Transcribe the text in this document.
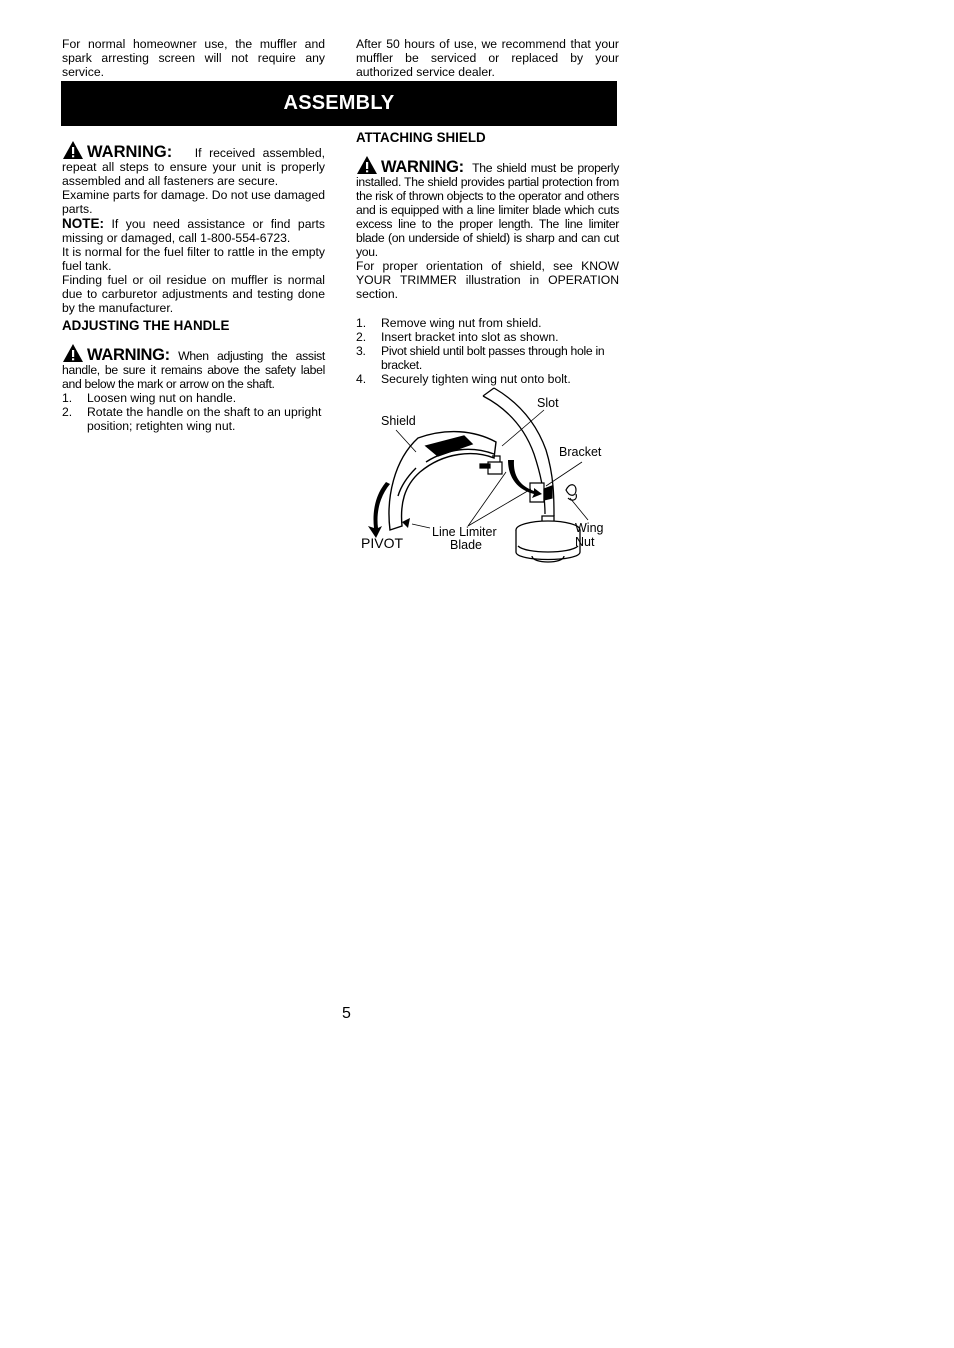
For normal homeowner use, the muffler and spark arresting screen will not require any service.
After 50 hours of use, we recommend that your muffler be serviced or replaced by your authorized service dealer.
ASSEMBLY

WARNING: If received assembled, repeat all steps to ensure your unit is properly assembled and all fasteners are secure.

Examine parts for damage. Do not use damaged parts.

NOTE: If you need assistance or find parts missing or damaged, call 1-800-554-6723.

It is normal for the fuel filter to rattle in the empty fuel tank.

Finding fuel or oil residue on muffler is normal due to carburetor adjustments and testing done by the manufacturer.

ADJUSTING THE HANDLE

WARNING: When adjusting the assist handle, be sure it remains above the safety label and below the mark or arrow on the shaft.

1. Loosen wing nut on handle.
2. Rotate the handle on the shaft to an upright position; retighten wing nut.

ATTACHING SHIELD

WARNING: The shield must be properly installed. The shield provides partial protection from the risk of thrown objects to the operator and others and is equipped with a line limiter blade which cuts excess line to the proper length. The line limiter blade (on underside of shield) is sharp and can cut you.

For proper orientation of shield, see KNOW YOUR TRIMMER illustration in OPERATION section.

1. Remove wing nut from shield.
2. Insert bracket into slot as shown.
3. Pivot shield until bolt passes through hole in bracket.
4. Securely tighten wing nut onto bolt.
Slot
Shield
Bracket
Wing
Nut
Line Limiter
Blade
PIVOT
5
